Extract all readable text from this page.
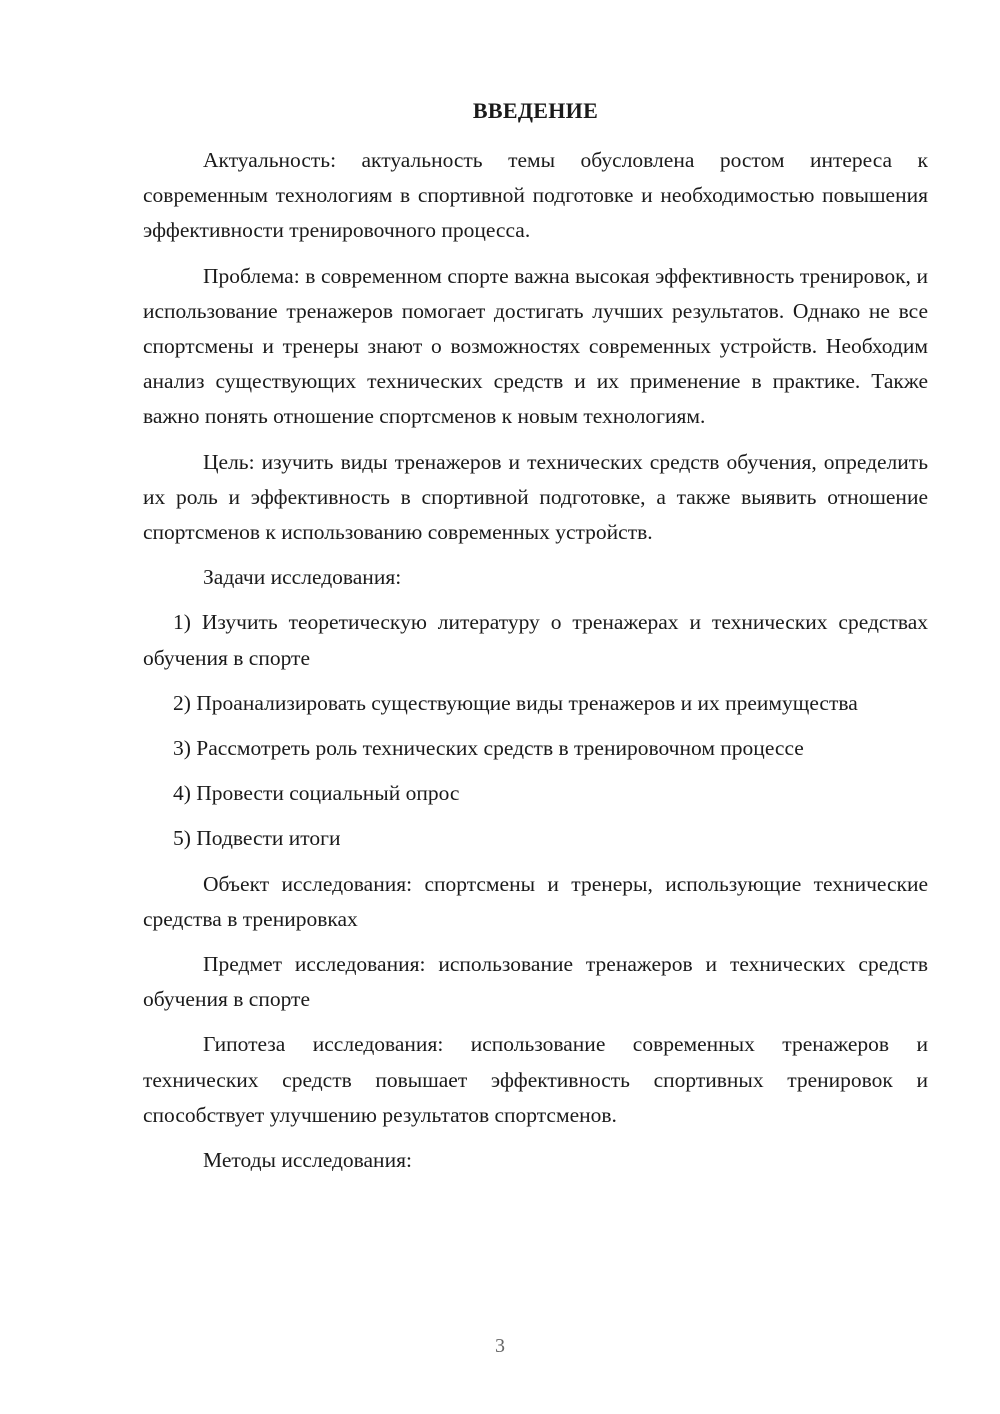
ВВЕДЕНИЕ

Актуальность: актуальность темы обусловлена ростом интереса к современным технологиям в спортивной подготовке и необходимостью повышения эффективности тренировочного процесса.

Проблема: в современном спорте важна высокая эффективность тренировок, и использование тренажеров помогает достигать лучших результатов. Однако не все спортсмены и тренеры знают о возможностях современных устройств. Необходим анализ существующих технических средств и их применение в практике. Также важно понять отношение спортсменов к новым технологиям.

Цель: изучить виды тренажеров и технических средств обучения, определить их роль и эффективность в спортивной подготовке, а также выявить отношение спортсменов к использованию современных устройств.

Задачи исследования:

1) Изучить теоретическую литературу о тренажерах и технических средствах обучения в спорте

2) Проанализировать существующие виды тренажеров и их преимущества

3) Рассмотреть роль технических средств в тренировочном процессе

4) Провести социальный опрос

5) Подвести итоги

Объект исследования: спортсмены и тренеры, использующие технические средства в тренировках

Предмет исследования: использование тренажеров и технических средств обучения в спорте

Гипотеза исследования: использование современных тренажеров и технических средств повышает эффективность спортивных тренировок и способствует улучшению результатов спортсменов.

Методы исследования:

3
